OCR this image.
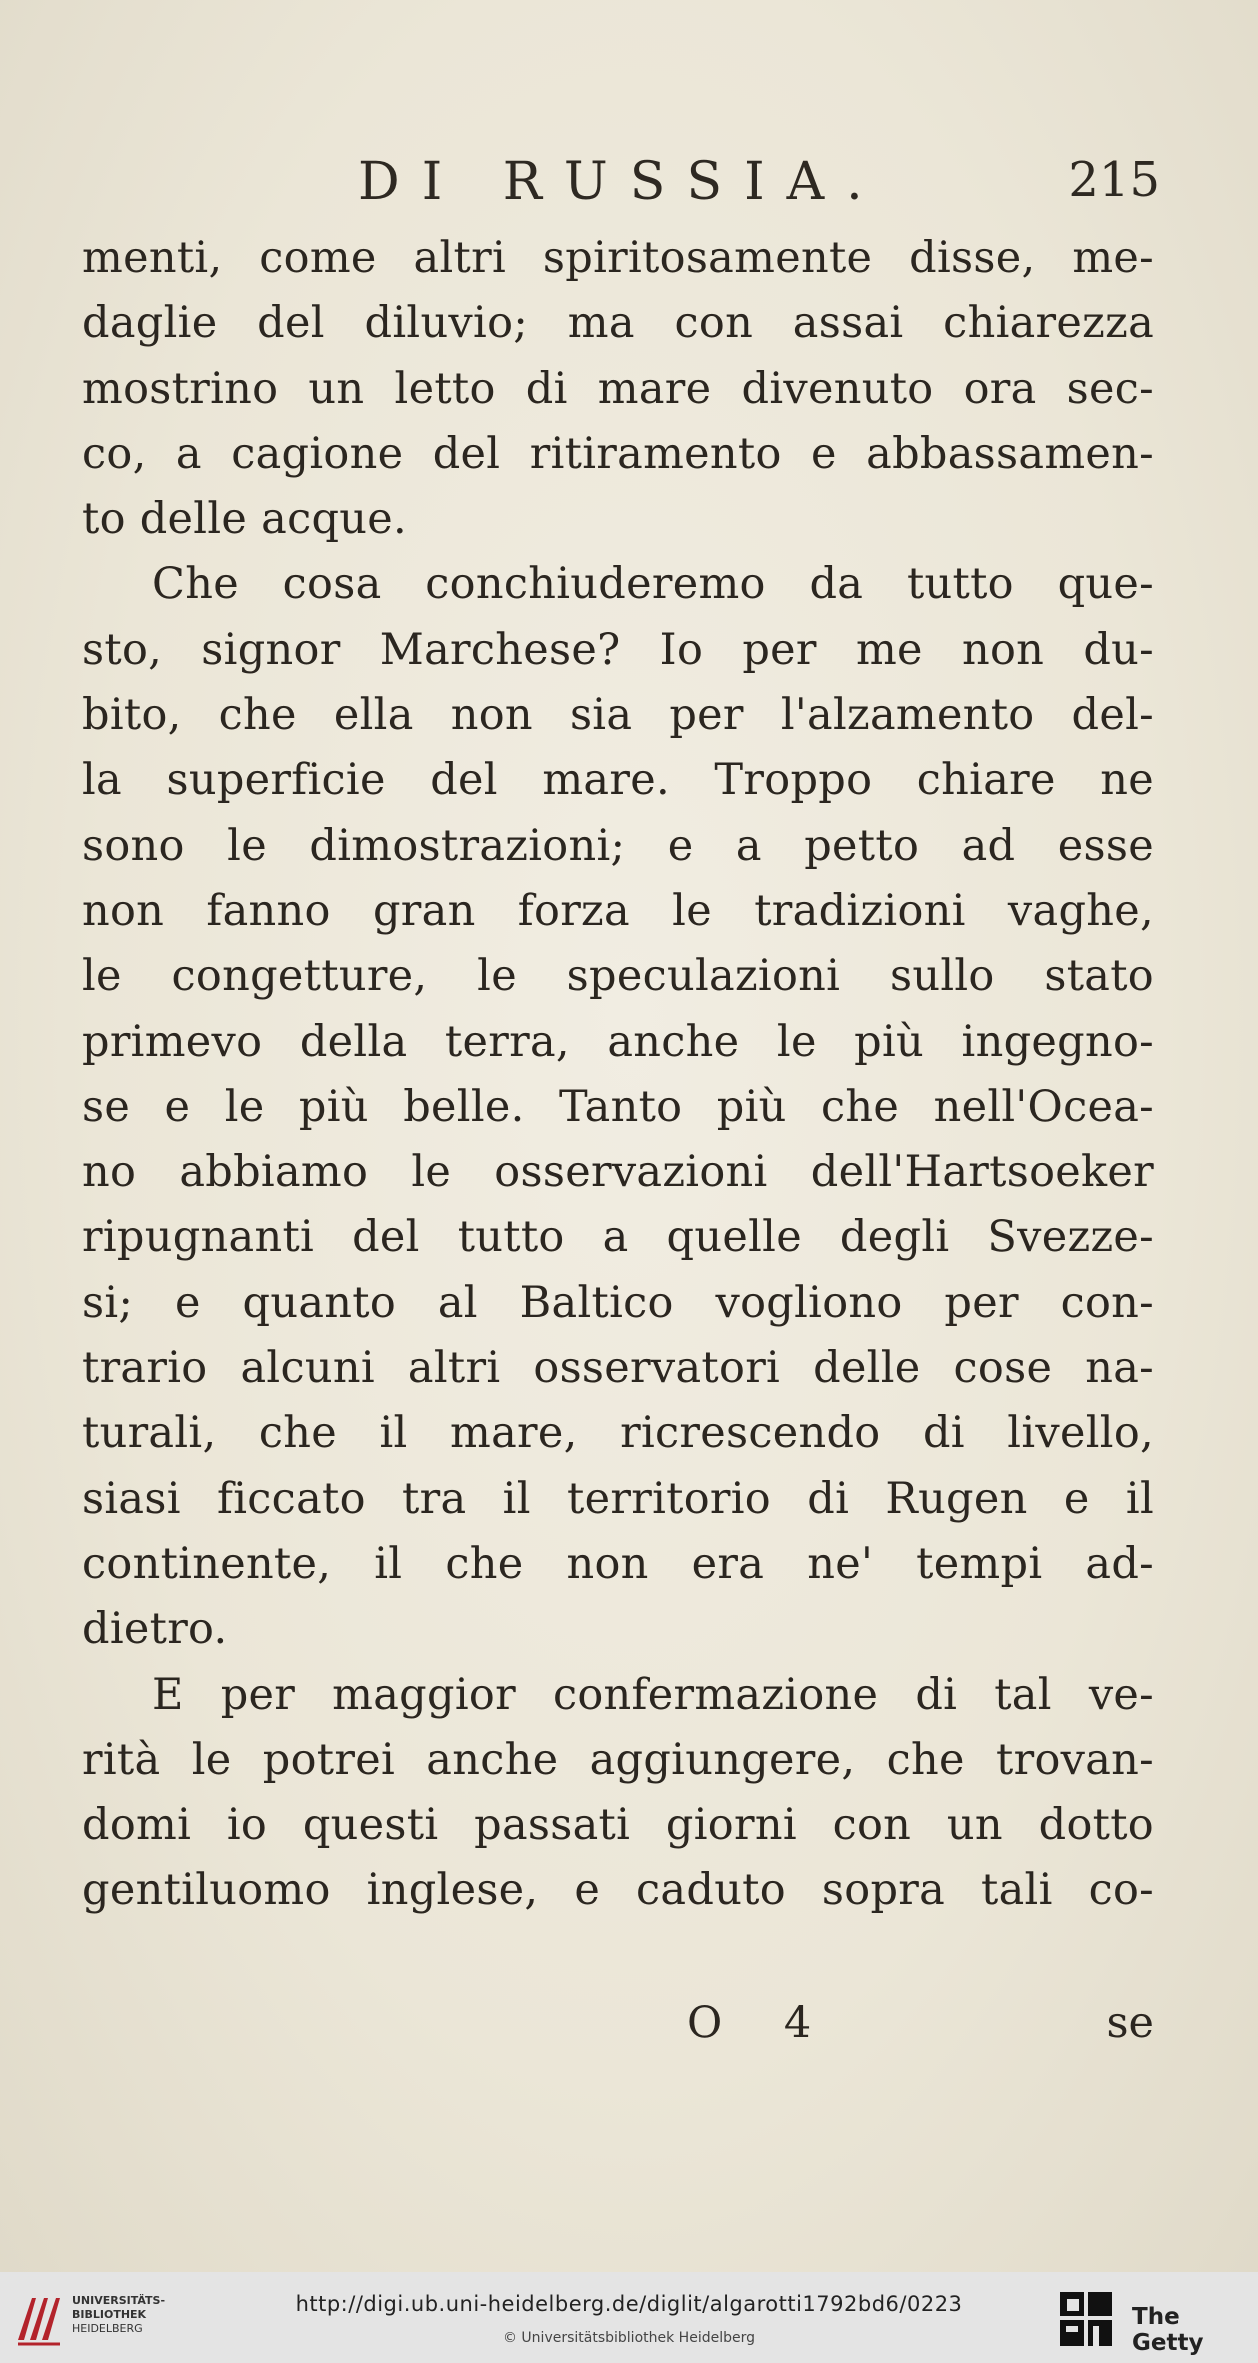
DI RUSSIA.	215
menti, come altri spiritosamente disse, me-
daglie del diluvio; ma con assai chiarezza
mostrino un letto di mare divenuto ora sec-
co, a cagione del ritiramento e abbassamen-
to delle acque.
Che cosa conchiuderemo da tutto que-
sto, signor Marchese? Io per me non du-
bito, che ella non sia per l'alzamento del-
la superficie del mare. Troppo chiare ne
sono le dimostrazioni; e a petto ad esse
non fanno gran forza le tradizioni vaghe,
le congetture, le speculazioni sullo stato
primevo della terra, anche le più ingegno-
se e le più belle. Tanto più che nell'Ocea-
no abbiamo le osservazioni dell'Hartsoeker
ripugnanti del tutto a quelle degli Svezze-
si; e quanto al Baltico vogliono per con-
trario alcuni altri osservatori delle cose na-
turali, che il mare, ricrescendo di livello,
siasi ficcato tra il territorio di Rugen e il
continente, il che non era ne' tempi ad-
dietro.
E per maggior confermazione di tal ve-
rità le potrei anche aggiungere, che trovan-
domi io questi passati giorni con un dotto
gentiluomo inglese, e caduto sopra tali co-
O 4	se
UNIVERSITÄTS-
BIBLIOTHEK
HEIDELBERG
http://digi.ub.uni-heidelberg.de/diglit/algarotti1792bd6/0223
© Universitätsbibliothek Heidelberg
The Getty
